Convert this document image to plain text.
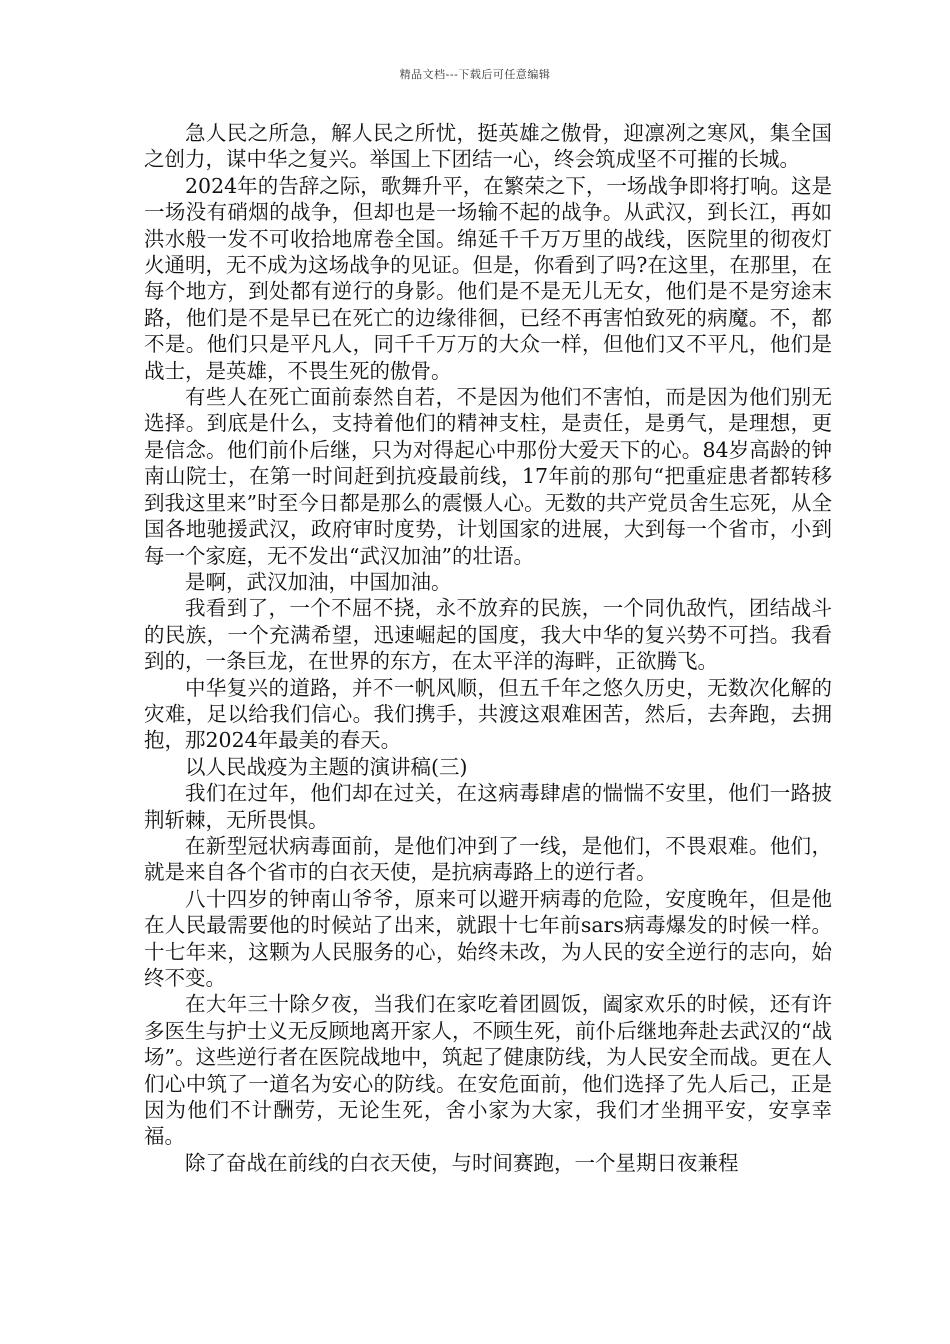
精品文档---下载后可任意编辑

急人民之所急，解人民之所忧，挺英雄之傲骨，迎凛冽之寒风，集全国之创力，谋中华之复兴。举国上下团结一心，终会筑成坚不可摧的长城。

2024年的告辞之际，歌舞升平，在繁荣之下，一场战争即将打响。这是一场没有硝烟的战争，但却也是一场输不起的战争。从武汉，到长江，再如洪水般一发不可收拾地席卷全国。绵延千千万万里的战线，医院里的彻夜灯火通明，无不成为这场战争的见证。但是，你看到了吗?在这里，在那里，在每个地方，到处都有逆行的身影。他们是不是无儿无女，他们是不是穷途末路，他们是不是早已在死亡的边缘徘徊，已经不再害怕致死的病魔。不，都不是。他们只是平凡人，同千千万万的大众一样，但他们又不平凡，他们是战士，是英雄，不畏生死的傲骨。

有些人在死亡面前泰然自若，不是因为他们不害怕，而是因为他们别无选择。到底是什么，支持着他们的精神支柱，是责任，是勇气，是理想，更是信念。他们前仆后继，只为对得起心中那份大爱天下的心。84岁高龄的钟南山院士，在第一时间赶到抗疫最前线，17年前的那句“把重症患者都转移到我这里来”时至今日都是那么的震慑人心。无数的共产党员舍生忘死，从全国各地驰援武汉，政府审时度势，计划国家的进展，大到每一个省市，小到每一个家庭，无不发出“武汉加油”的壮语。

是啊，武汉加油，中国加油。

我看到了，一个不屈不挠，永不放弃的民族，一个同仇敌忾，团结战斗的民族，一个充满希望，迅速崛起的国度，我大中华的复兴势不可挡。我看到的，一条巨龙，在世界的东方，在太平洋的海畔，正欲腾飞。

中华复兴的道路，并不一帆风顺，但五千年之悠久历史，无数次化解的灾难，足以给我们信心。我们携手，共渡这艰难困苦，然后，去奔跑，去拥抱，那2024年最美的春天。

以人民战疫为主题的演讲稿(三)

我们在过年，他们却在过关，在这病毒肆虐的惴惴不安里，他们一路披荆斩棘，无所畏惧。

在新型冠状病毒面前，是他们冲到了一线，是他们，不畏艰难。他们，就是来自各个省市的白衣天使，是抗病毒路上的逆行者。

八十四岁的钟南山爷爷，原来可以避开病毒的危险，安度晚年，但是他在人民最需要他的时候站了出来，就跟十七年前sars病毒爆发的时候一样。十七年来，这颗为人民服务的心，始终未改，为人民的安全逆行的志向，始终不变。

在大年三十除夕夜，当我们在家吃着团圆饭，阖家欢乐的时候，还有许多医生与护士义无反顾地离开家人，不顾生死，前仆后继地奔赴去武汉的“战场”。这些逆行者在医院战地中，筑起了健康防线，为人民安全而战。更在人们心中筑了一道名为安心的防线。在安危面前，他们选择了先人后己，正是因为他们不计酬劳，无论生死，舍小家为大家，我们才坐拥平安，安享幸福。

除了奋战在前线的白衣天使，与时间赛跑，一个星期日夜兼程
